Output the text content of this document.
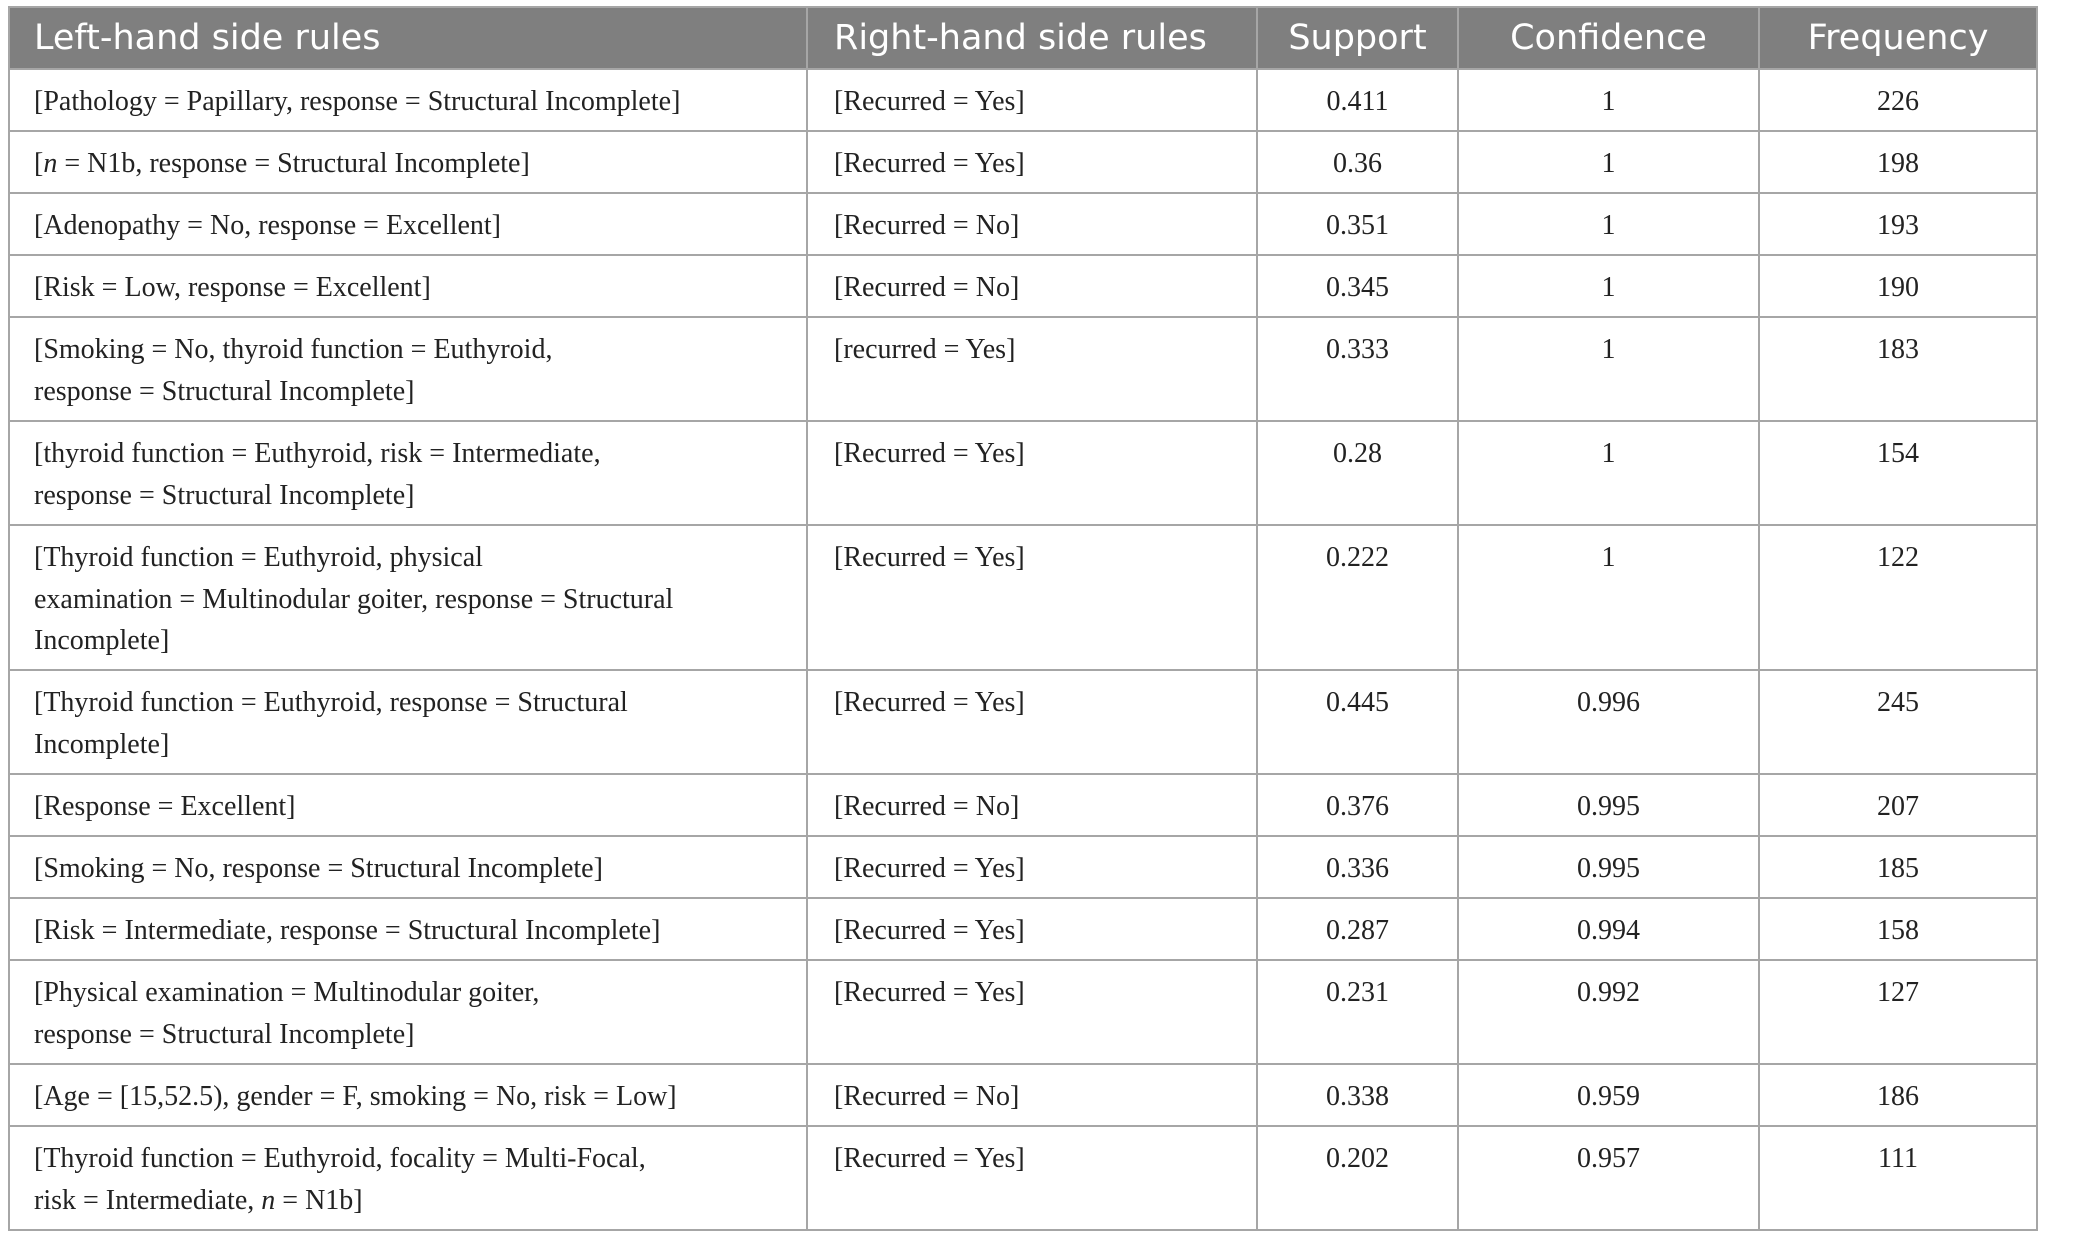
Left-hand side rules	Right-hand side rules	Support	Confidence	Frequency
[Pathology = Papillary, response = Structural Incomplete]	[Recurred = Yes]	0.411	1	226
[n = N1b, response = Structural Incomplete]	[Recurred = Yes]	0.36	1	198
[Adenopathy = No, response = Excellent]	[Recurred = No]	0.351	1	193
[Risk = Low, response = Excellent]	[Recurred = No]	0.345	1	190
[Smoking = No, thyroid function = Euthyroid,
response = Structural Incomplete]	[recurred = Yes]	0.333	1	183
[thyroid function = Euthyroid, risk = Intermediate,
response = Structural Incomplete]	[Recurred = Yes]	0.28	1	154
[Thyroid function = Euthyroid, physical
examination = Multinodular goiter, response = Structural
Incomplete]	[Recurred = Yes]	0.222	1	122
[Thyroid function = Euthyroid, response = Structural
Incomplete]	[Recurred = Yes]	0.445	0.996	245
[Response = Excellent]	[Recurred = No]	0.376	0.995	207
[Smoking = No, response = Structural Incomplete]	[Recurred = Yes]	0.336	0.995	185
[Risk = Intermediate, response = Structural Incomplete]	[Recurred = Yes]	0.287	0.994	158
[Physical examination = Multinodular goiter,
response = Structural Incomplete]	[Recurred = Yes]	0.231	0.992	127
[Age = [15,52.5), gender = F, smoking = No, risk = Low]	[Recurred = No]	0.338	0.959	186
[Thyroid function = Euthyroid, focality = Multi-Focal,
risk = Intermediate, n = N1b]	[Recurred = Yes]	0.202	0.957	111
